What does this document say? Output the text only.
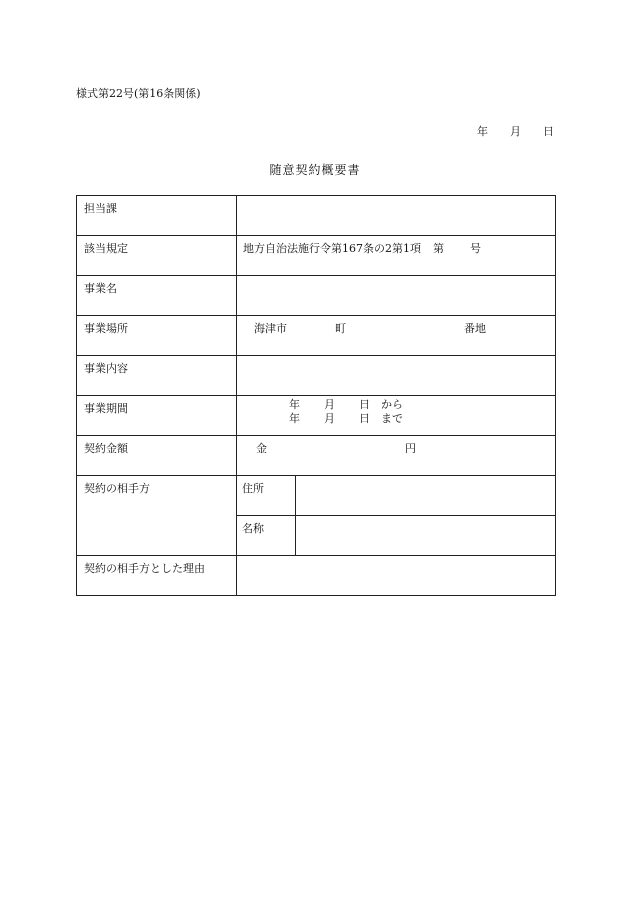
様式第22号(第16条関係)
年 月 日
随意契約概要書
担当課		
該当規定	地方自治法施行令第167条の2第1項 第 号	
事業名		
事業場所	海津市 町 番地	
事業内容		
事業期間	年 月 日 から
年 月 日 まで	

契約金額	金 円	
契約の相手方	住所	
	名称	
契約の相手方とした理由		
